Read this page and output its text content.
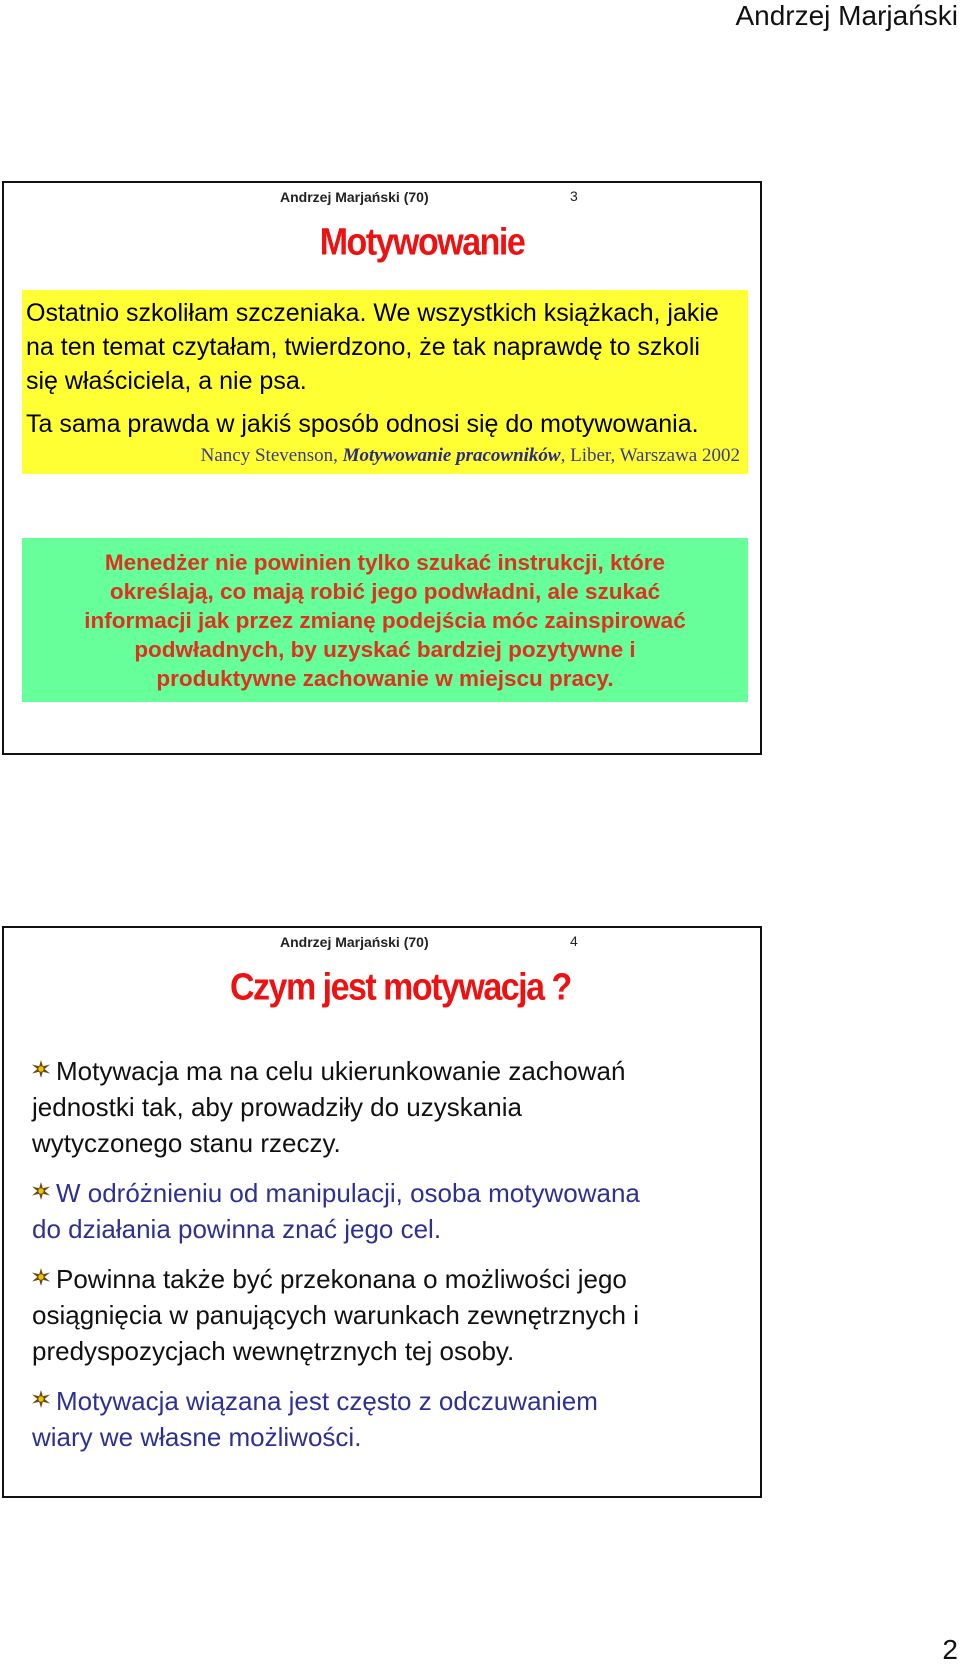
Andrzej Marjański
Andrzej Marjański (70)	3
Motywowanie
Ostatnio szkoliłam szczeniaka. We wszystkich książkach, jakie
na ten temat czytałam, twierdzono, że tak naprawdę to szkoli
się właściciela, a nie psa.
Ta sama prawda w jakiś sposób odnosi się do motywowania.
Nancy Stevenson, Motywowanie pracowników, Liber, Warszawa 2002
Menedżer nie powinien tylko szukać instrukcji, które
określają, co mają robić jego podwładni, ale szukać
informacji jak przez zmianę podejścia móc zainspirować
podwładnych, by uzyskać bardziej pozytywne i
produktywne zachowanie w miejscu pracy.
Andrzej Marjański (70)	4
Czym jest motywacja ?
Motywacja ma na celu ukierunkowanie zachowań
jednostki tak, aby prowadziły do uzyskania
wytyczonego stanu rzeczy.
W odróżnieniu od manipulacji, osoba motywowana
do działania powinna znać jego cel.
Powinna także być przekonana o możliwości jego
osiągnięcia w panujących warunkach zewnętrznych i
predyspozycjach wewnętrznych tej osoby.
Motywacja wiązana jest często z odczuwaniem
wiary we własne możliwości.
2
